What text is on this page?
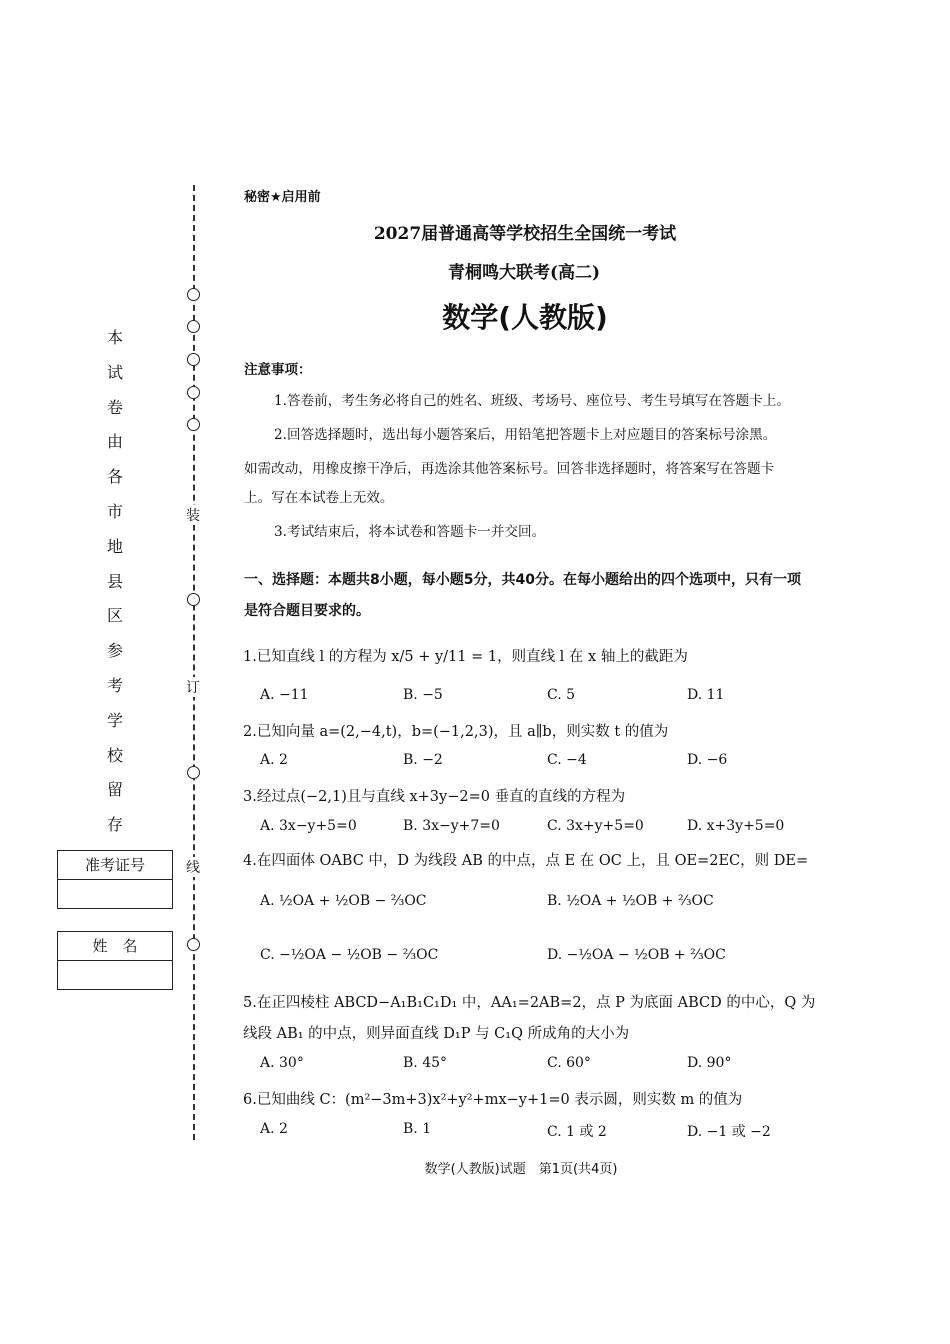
本
试
卷
由
各
市
地
县
区
参
考
学
校
留
存
准考证号
姓　名
装
订
线
秘密★启用前
2027届普通高等学校招生全国统一考试
青桐鸣大联考(高二)
数学(人教版)
注意事项：
1.答卷前，考生务必将自己的姓名、班级、考场号、座位号、考生号填写在答题卡上。
2.回答选择题时，选出每小题答案后，用铅笔把答题卡上对应题目的答案标号涂黑。
如需改动，用橡皮擦干净后，再选涂其他答案标号。回答非选择题时，将答案写在答题卡
上。写在本试卷上无效。
3.考试结束后，将本试卷和答题卡一并交回。
一、选择题：本题共8小题，每小题5分，共40分。在每小题给出的四个选项中，只有一项
是符合题目要求的。
1.已知直线 l 的方程为 x/5 + y/11 = 1，则直线 l 在 x 轴上的截距为
A. −11	B. −5	C. 5	D. 11
2.已知向量 a=(2,−4,t)，b=(−1,2,3)，且 a∥b，则实数 t 的值为
A. 2	B. −2	C. −4	D. −6
3.经过点(−2,1)且与直线 x+3y−2=0 垂直的直线的方程为
A. 3x−y+5=0	B. 3x−y+7=0	C. 3x+y+5=0	D. x+3y+5=0
4.在四面体 OABC 中，D 为线段 AB 的中点，点 E 在 OC 上，且 OE=2EC，则 DE=
A. ½OA + ½OB − ⅔OC	B. ½OA + ½OB + ⅔OC
C. −½OA − ½OB − ⅔OC	D. −½OA − ½OB + ⅔OC
5.在正四棱柱 ABCD−A₁B₁C₁D₁ 中，AA₁=2AB=2，点 P 为底面 ABCD 的中心，Q 为
线段 AB₁ 的中点，则异面直线 D₁P 与 C₁Q 所成角的大小为
A. 30°	B. 45°	C. 60°	D. 90°
6.已知曲线 C：(m²−3m+3)x²+y²+mx−y+1=0 表示圆，则实数 m 的值为
A. 2	B. 1	C. 1 或 2	D. −1 或 −2
数学(人教版)试题　第1页(共4页)
